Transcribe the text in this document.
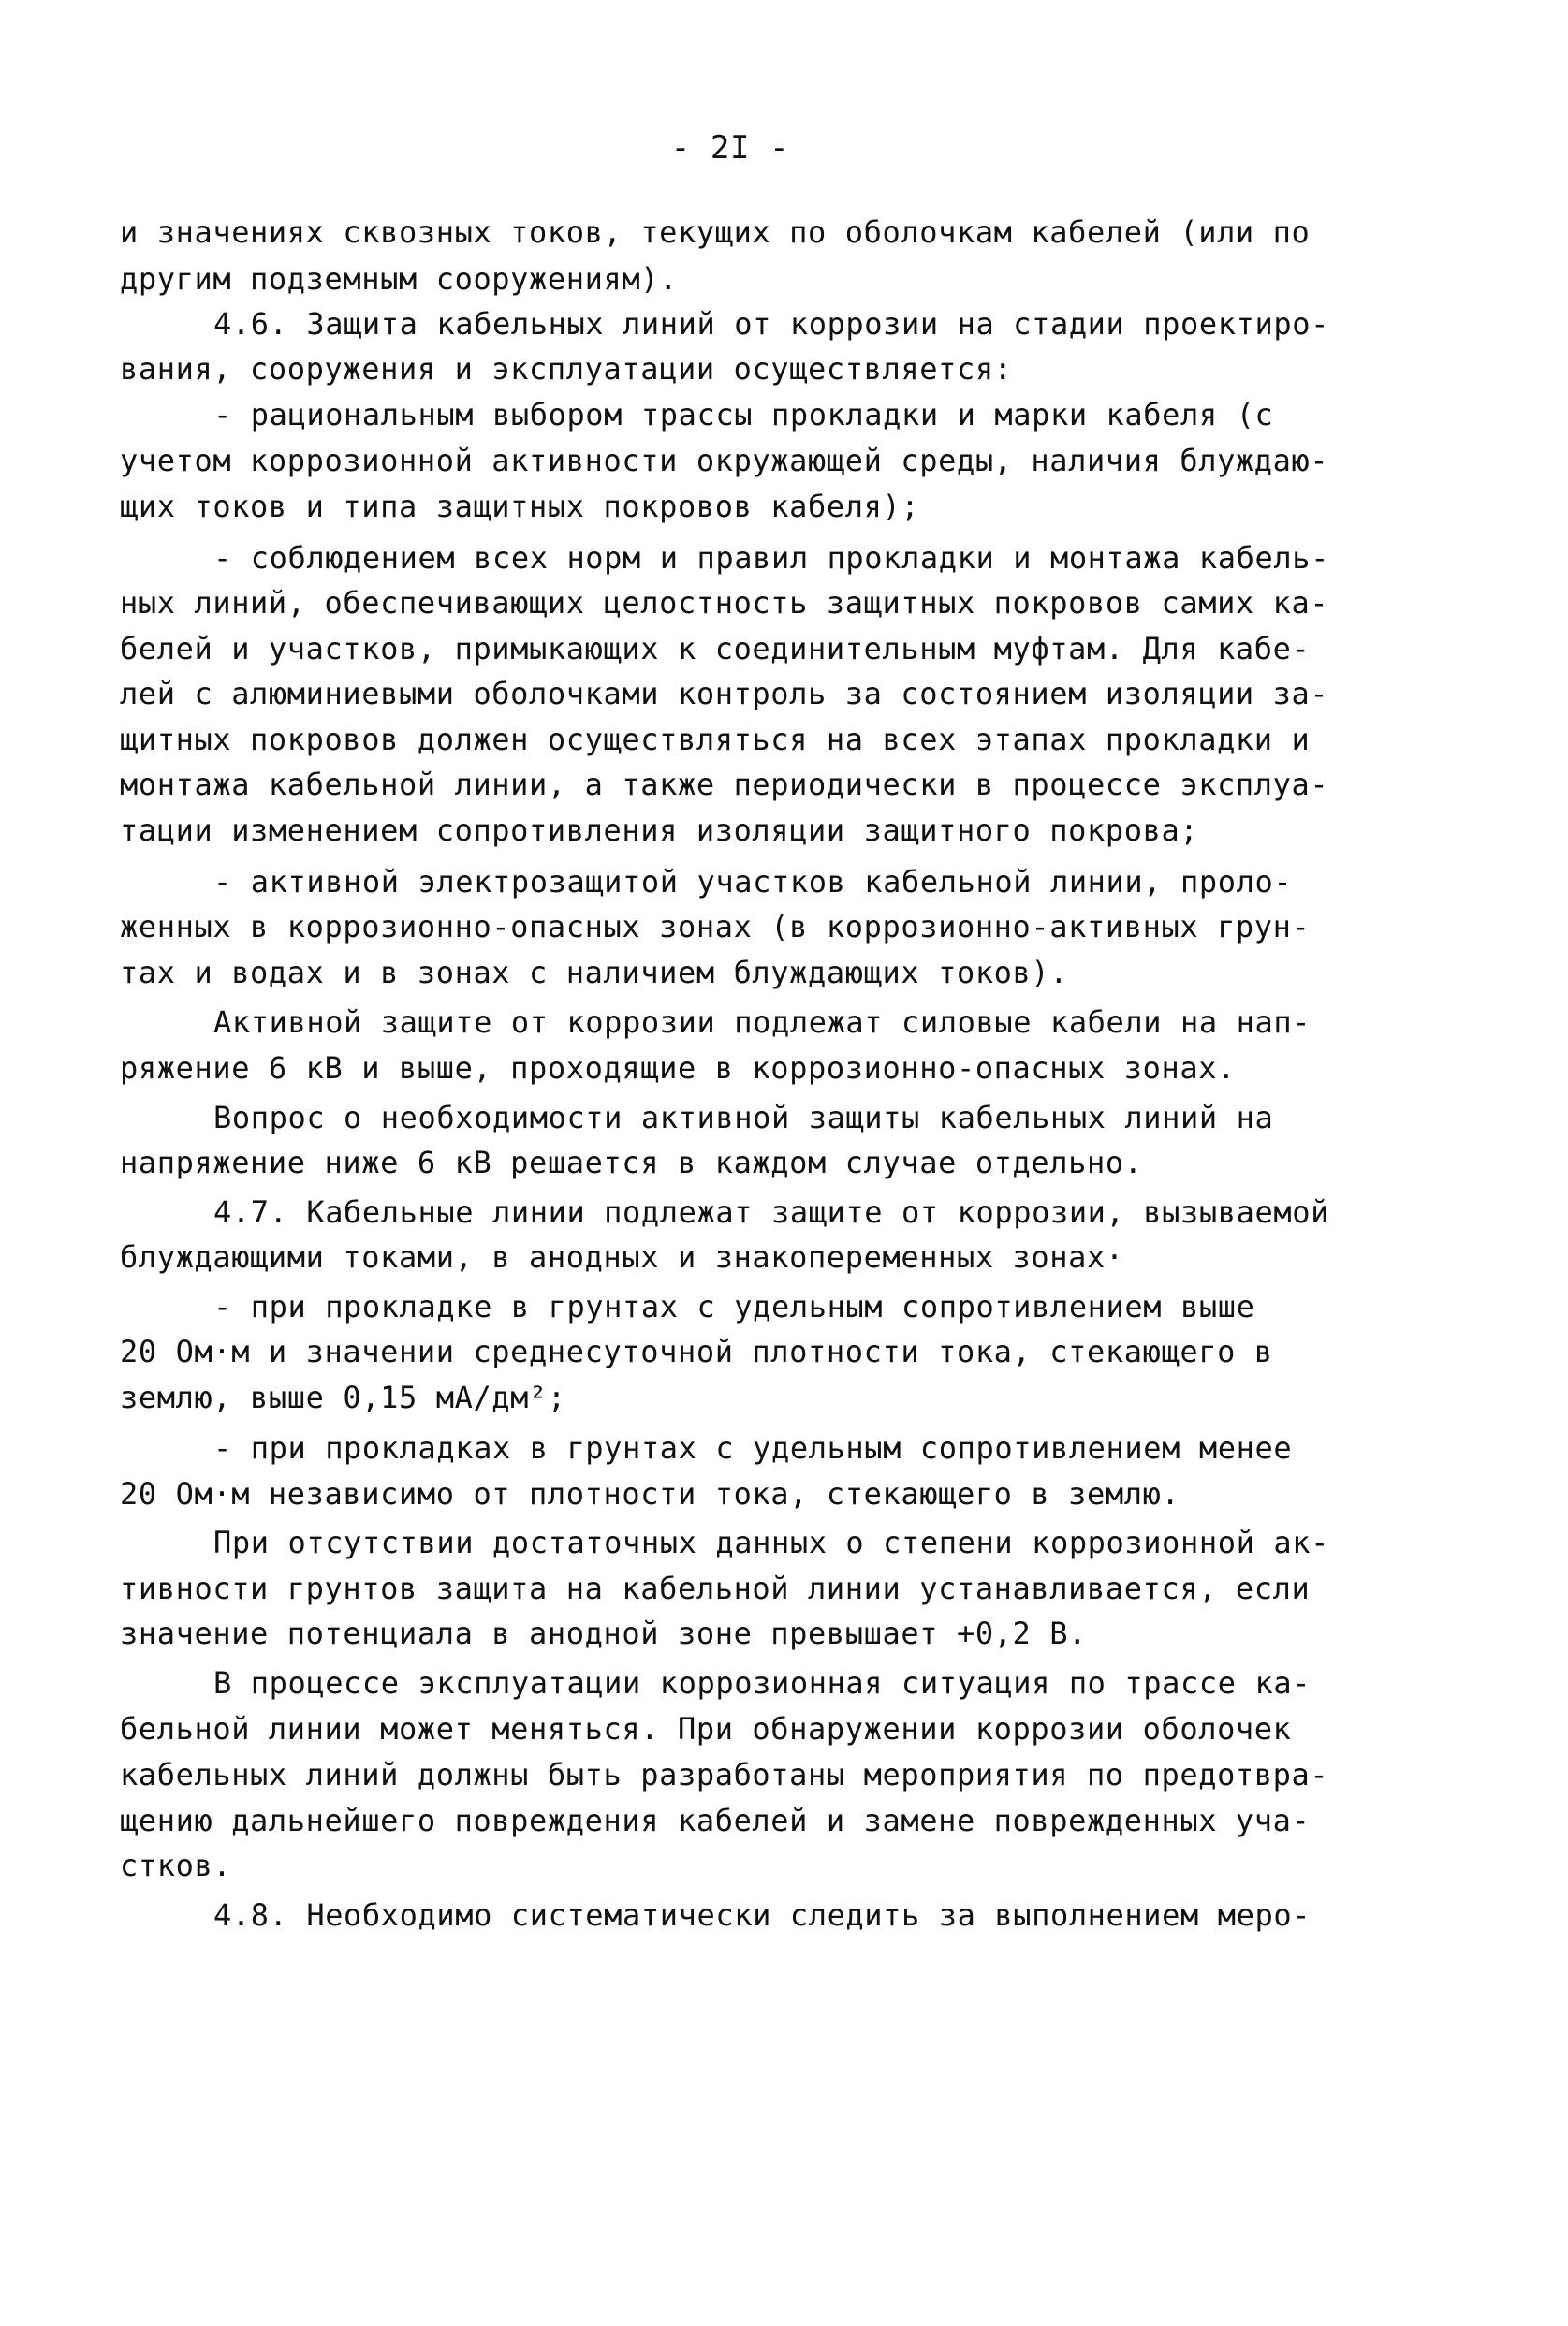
- 2I -
и значениях сквозных токов, текущих по оболочкам кабелей (или по
другим подземным сооружениям).
4.6. Защита кабельных линий от коррозии на стадии проектиро-
вания, сооружения и эксплуатации осуществляется:
- рациональным выбором трассы прокладки и марки кабеля (с
учетом коррозионной активности окружающей среды, наличия блуждаю-
щих токов и типа защитных покровов кабеля);
- соблюдением всех норм и правил прокладки и монтажа кабель-
ных линий, обеспечивающих целостность защитных покровов самих ка-
белей и участков, примыкающих к соединительным муфтам. Для кабе-
лей с алюминиевыми оболочками контроль за состоянием изоляции за-
щитных покровов должен осуществляться на всех этапах прокладки и
монтажа кабельной линии, а также периодически в процессе эксплуа-
тации изменением сопротивления изоляции защитного покрова;
- активной электрозащитой участков кабельной линии, проло-
женных в коррозионно-опасных зонах (в коррозионно-активных грун-
тах и водах и в зонах с наличием блуждающих токов).
Активной защите от коррозии подлежат силовые кабели на нап-
ряжение 6 кВ и выше, проходящие в коррозионно-опасных зонах.
Вопрос о необходимости активной защиты кабельных линий на
напряжение ниже 6 кВ решается в каждом случае отдельно.
4.7. Кабельные линии подлежат защите от коррозии, вызываемой
блуждающими токами, в анодных и знакопеременных зонах·
- при прокладке в грунтах с удельным сопротивлением выше
20 Ом·м и значении среднесуточной плотности тока, стекающего в
землю, выше 0,15 мА/дм²;
- при прокладках в грунтах с удельным сопротивлением менее
20 Ом·м независимо от плотности тока, стекающего в землю.
При отсутствии достаточных данных о степени коррозионной ак-
тивности грунтов защита на кабельной линии устанавливается, если
значение потенциала в анодной зоне превышает +0,2 В.
В процессе эксплуатации коррозионная ситуация по трассе ка-
бельной линии может меняться. При обнаружении коррозии оболочек
кабельных линий должны быть разработаны мероприятия по предотвра-
щению дальнейшего повреждения кабелей и замене поврежденных уча-
стков.
4.8. Необходимо систематически следить за выполнением меро-
